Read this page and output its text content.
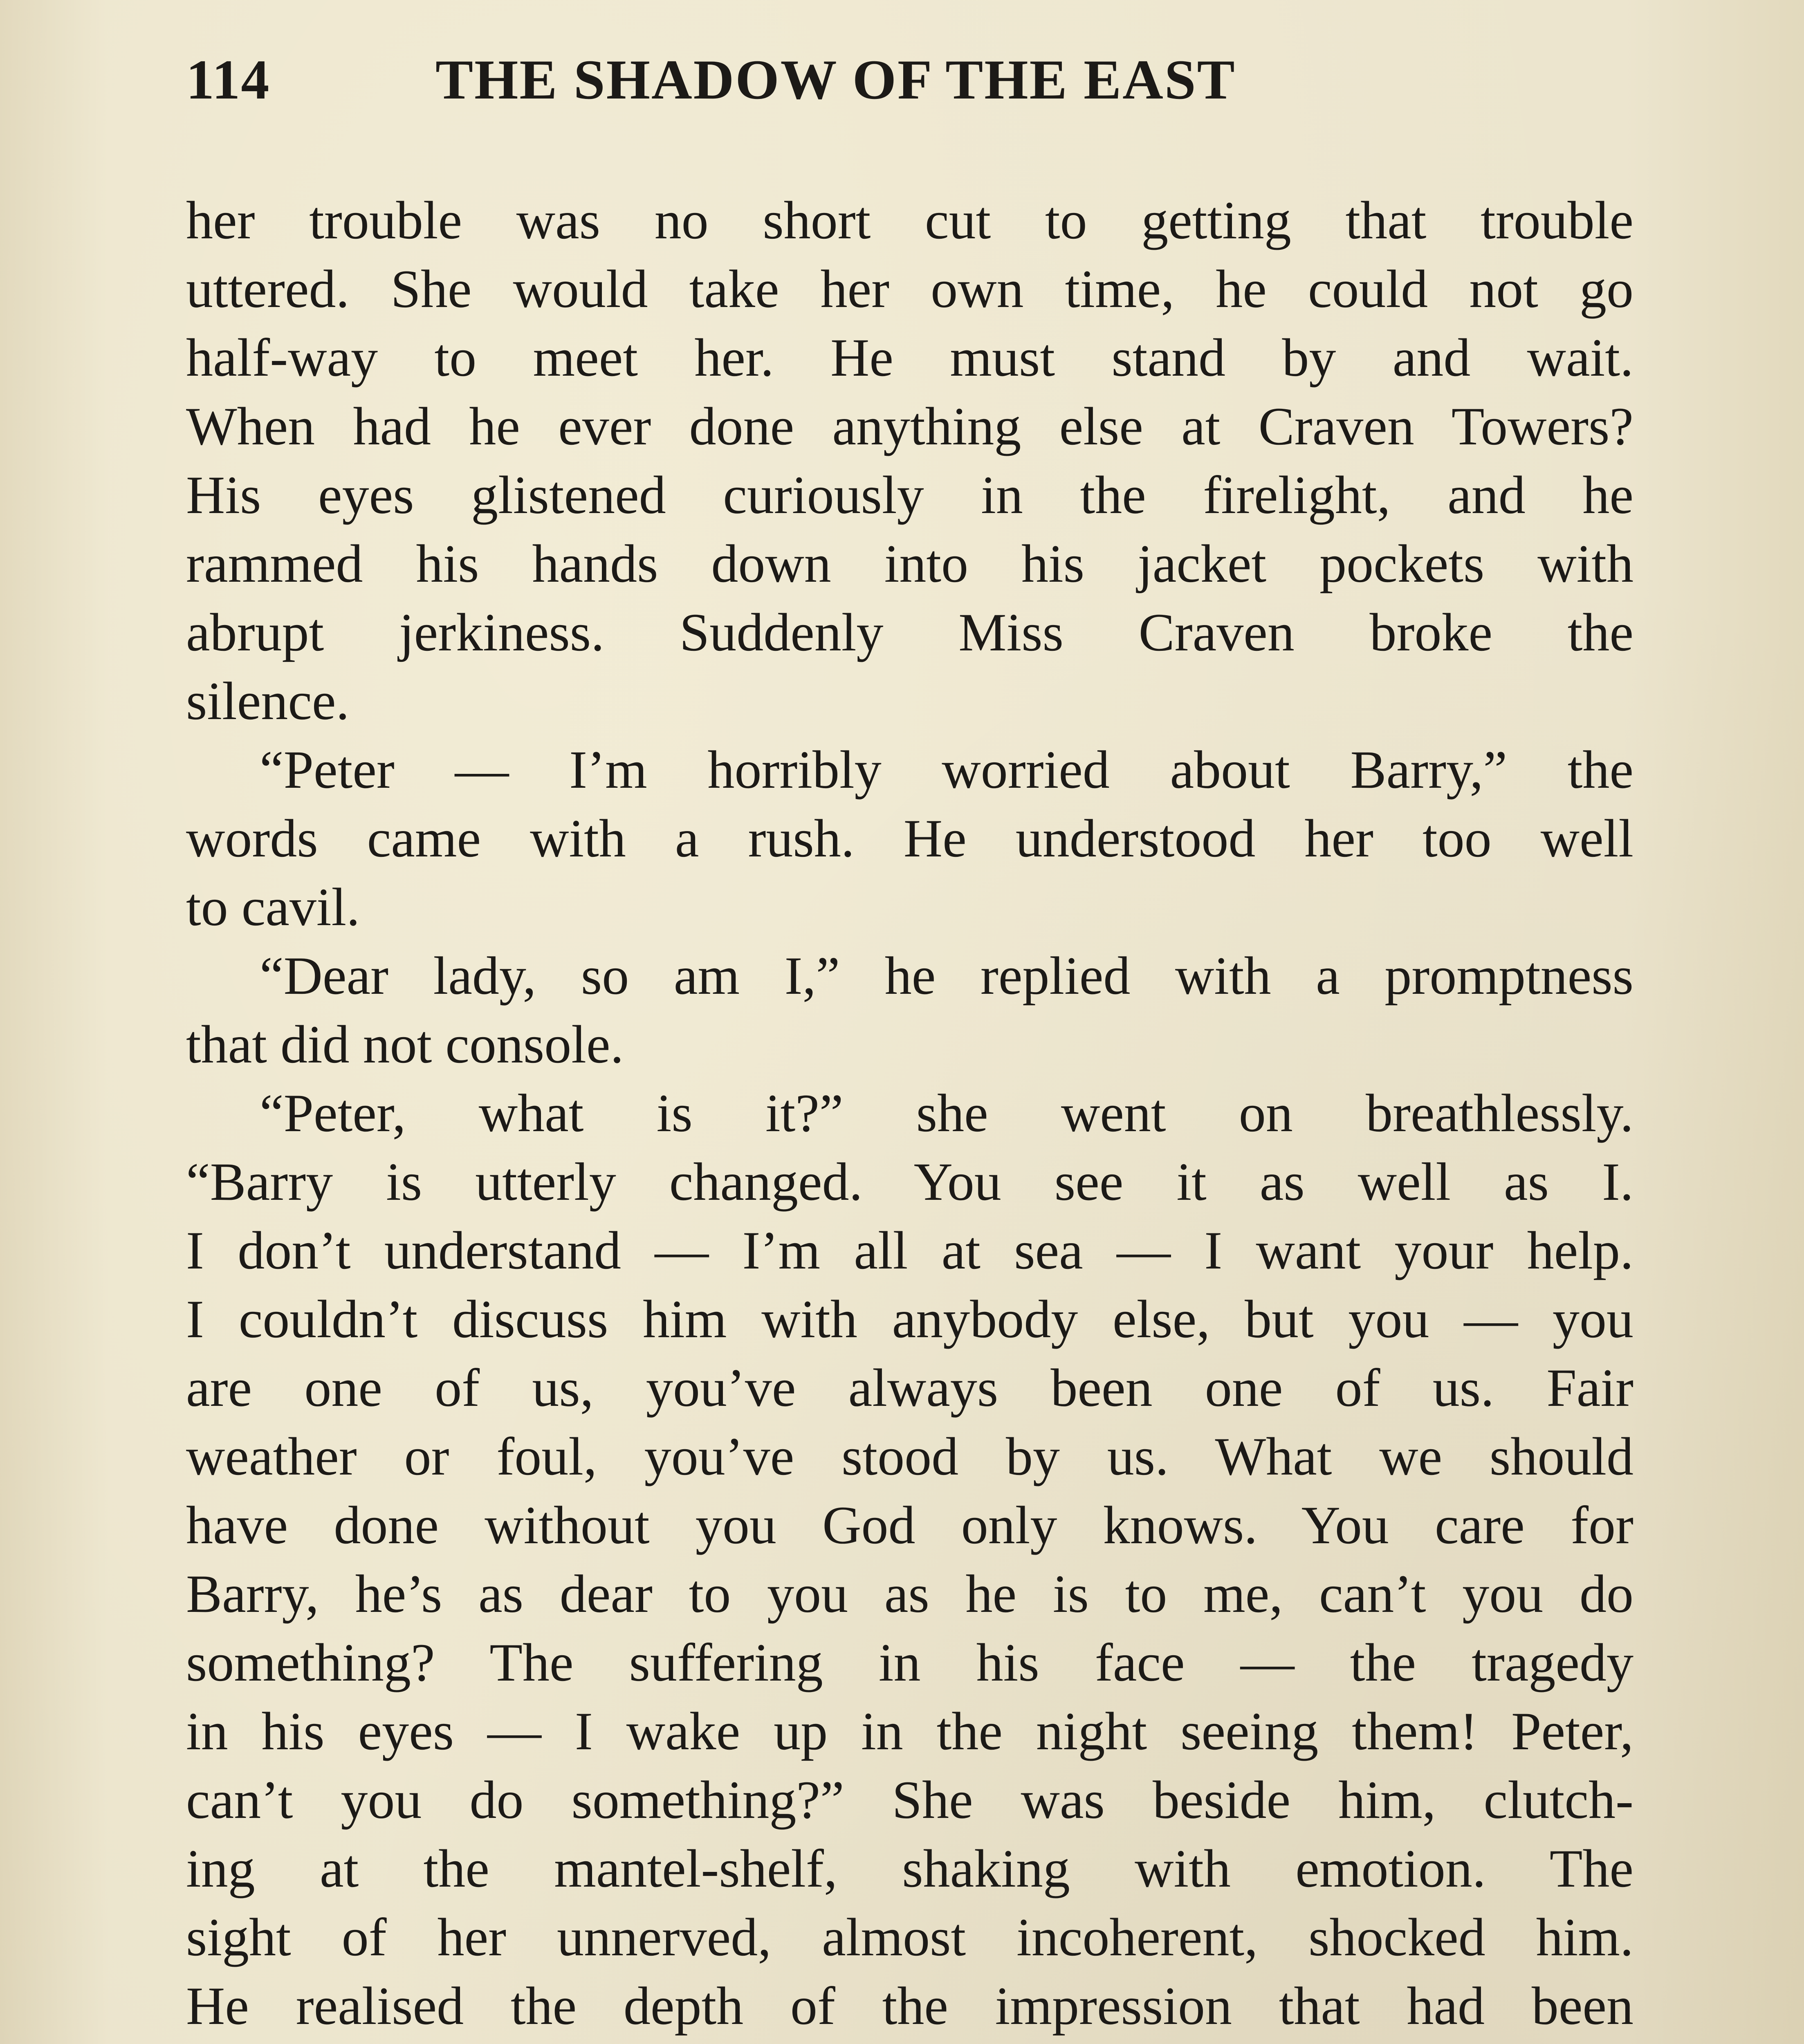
114	THE SHADOW OF THE EAST
her trouble was no short cut to getting that trouble
uttered. She would take her own time, he could not go
half-way to meet her. He must stand by and wait.
When had he ever done anything else at Craven Towers?
His eyes glistened curiously in the firelight, and he
rammed his hands down into his jacket pockets with
abrupt jerkiness. Suddenly Miss Craven broke the
silence.
“Peter — I’m horribly worried about Barry,” the
words came with a rush. He understood her too well
to cavil.
“Dear lady, so am I,” he replied with a promptness
that did not console.
“Peter, what is it?” she went on breathlessly.
“Barry is utterly changed. You see it as well as I.
I don’t understand — I’m all at sea — I want your help.
I couldn’t discuss him with anybody else, but you — you
are one of us, you’ve always been one of us. Fair
weather or foul, you’ve stood by us. What we should
have done without you God only knows. You care for
Barry, he’s as dear to you as he is to me, can’t you do
something? The suffering in his face — the tragedy
in his eyes — I wake up in the night seeing them! Peter,
can’t you do something?” She was beside him, clutch-
ing at the mantel-shelf, shaking with emotion. The
sight of her unnerved, almost incoherent, shocked him.
He realised the depth of the impression that had been
